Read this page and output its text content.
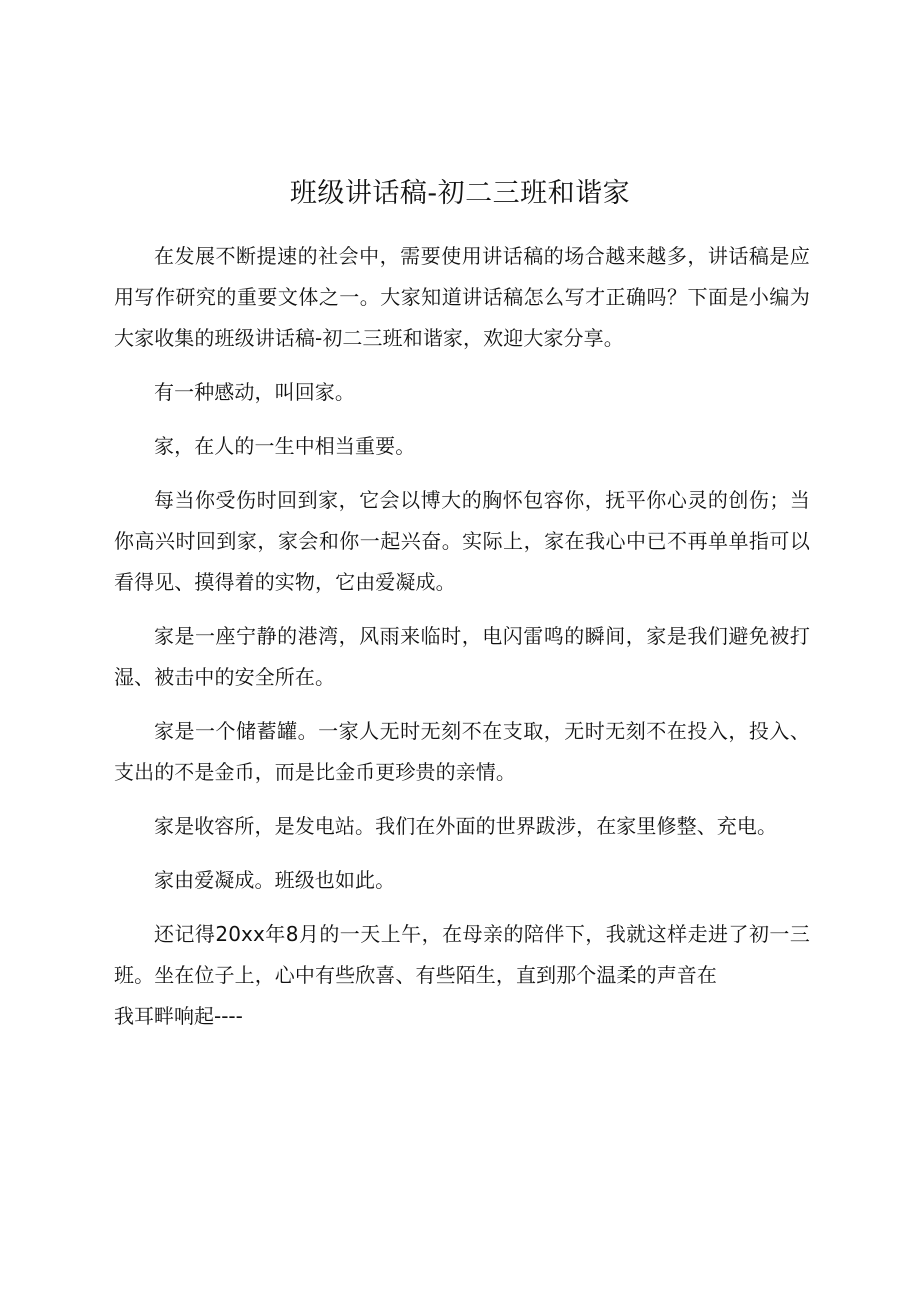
班级讲话稿-初二三班和谐家

在发展不断提速的社会中，需要使用讲话稿的场合越来越多，讲话稿是应用写作研究的重要文体之一。大家知道讲话稿怎么写才正确吗？下面是小编为大家收集的班级讲话稿-初二三班和谐家，欢迎大家分享。

有一种感动，叫回家。

家，在人的一生中相当重要。

每当你受伤时回到家，它会以博大的胸怀包容你，抚平你心灵的创伤；当你高兴时回到家，家会和你一起兴奋。实际上，家在我心中已不再单单指可以看得见、摸得着的实物，它由爱凝成。

家是一座宁静的港湾，风雨来临时，电闪雷鸣的瞬间，家是我们避免被打湿、被击中的安全所在。

家是一个储蓄罐。一家人无时无刻不在支取，无时无刻不在投入，投入、支出的不是金币，而是比金币更珍贵的亲情。

家是收容所，是发电站。我们在外面的世界跋涉，在家里修整、充电。

家由爱凝成。班级也如此。

还记得20xx年8月的一天上午，在母亲的陪伴下，我就这样走进了初一三班。坐在位子上，心中有些欣喜、有些陌生，直到那个温柔的声音在

我耳畔响起----
